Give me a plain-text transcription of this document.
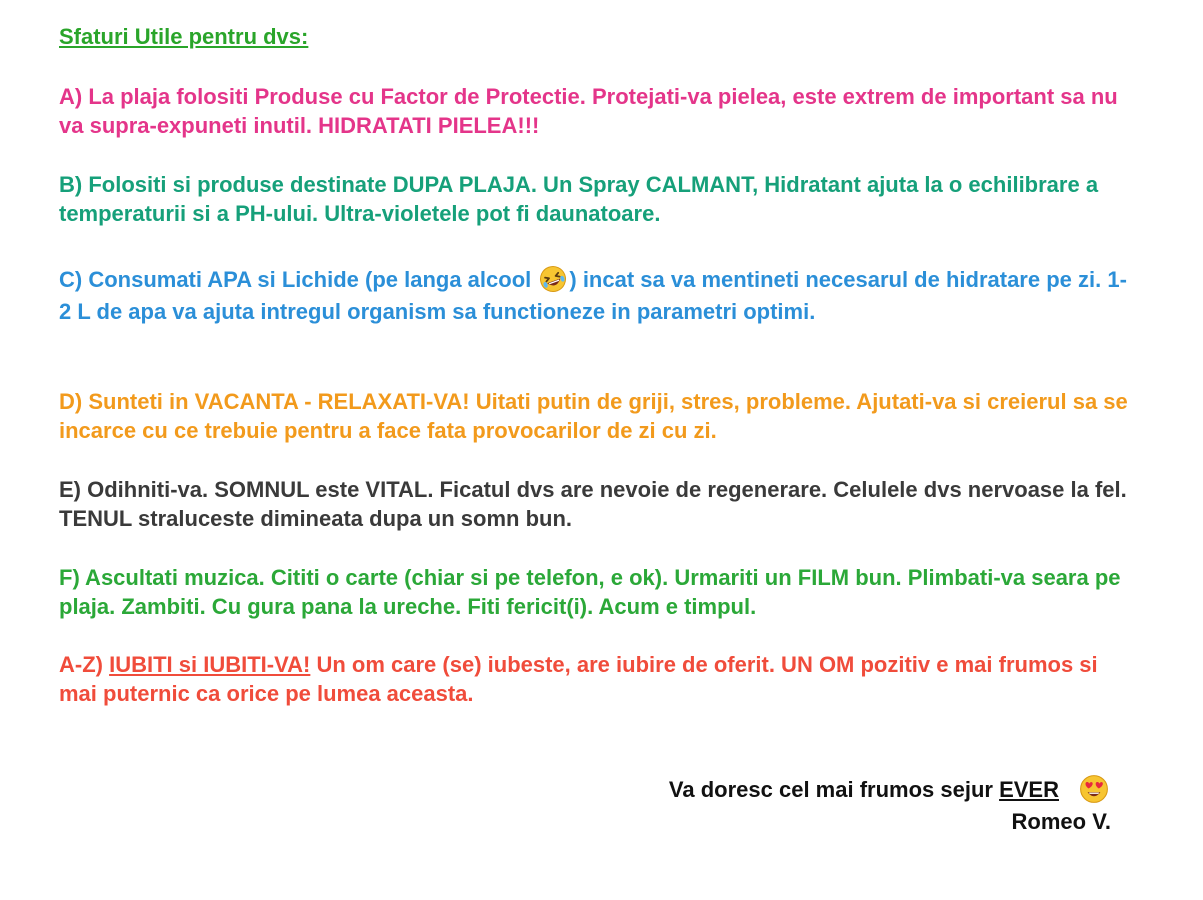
Sfaturi Utile pentru dvs:
A) La plaja folositi Produse cu Factor de Protectie. Protejati-va pielea, este extrem de important sa nu va supra-expuneti inutil. HIDRATATI PIELEA!!!
B) Folositi si produse destinate DUPA PLAJA. Un Spray CALMANT, Hidratant ajuta la o echilibrare a temperaturii si a PH-ului. Ultra-violetele pot fi daunatoare.
C) Consumati APA si Lichide (pe langa alcool ) incat sa va mentineti necesarul de hidratare pe zi. 1-2 L de apa va ajuta intregul organism sa functioneze in parametri optimi.
D) Sunteti in VACANTA - RELAXATI-VA! Uitati putin de griji, stres, probleme. Ajutati-va si creierul sa se incarce cu ce trebuie pentru a face fata provocarilor de zi cu zi.
E) Odihniti-va. SOMNUL este VITAL. Ficatul dvs are nevoie de regenerare. Celulele dvs nervoase la fel. TENUL straluceste dimineata dupa un somn bun.
F) Ascultati muzica. Cititi o carte (chiar si pe telefon, e ok). Urmariti un FILM bun. Plimbati-va seara pe plaja. Zambiti. Cu gura pana la ureche. Fiti fericit(i). Acum e timpul.
A-Z) IUBITI si IUBITI-VA! Un om care (se) iubeste, are iubire de oferit. UN OM pozitiv e mai frumos si mai puternic ca orice pe lumea aceasta.
Va doresc cel mai frumos sejur EVER
Romeo V.
